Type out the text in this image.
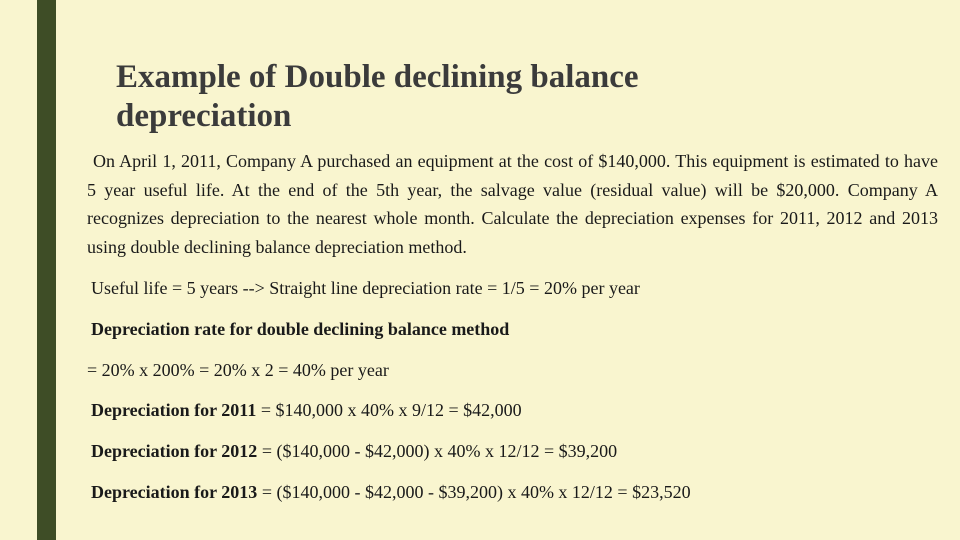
Example of Double declining balance
depreciation
On April 1, 2011, Company A purchased an equipment at the cost of $140,000. This equipment is estimated to have 5 year useful life. At the end of the 5th year, the salvage value (residual value) will be $20,000. Company A recognizes depreciation to the nearest whole month. Calculate the depreciation expenses for 2011, 2012 and 2013 using double declining balance depreciation method.
Useful life = 5 years --> Straight line depreciation rate = 1/5 = 20% per year
Depreciation rate for double declining balance method
= 20% x 200% = 20% x 2 = 40% per year
Depreciation for 2011 = $140,000 x 40% x 9/12 = $42,000
Depreciation for 2012 = ($140,000 - $42,000) x 40% x 12/12 = $39,200
Depreciation for 2013 = ($140,000 - $42,000 - $39,200) x 40% x 12/12 = $23,520
